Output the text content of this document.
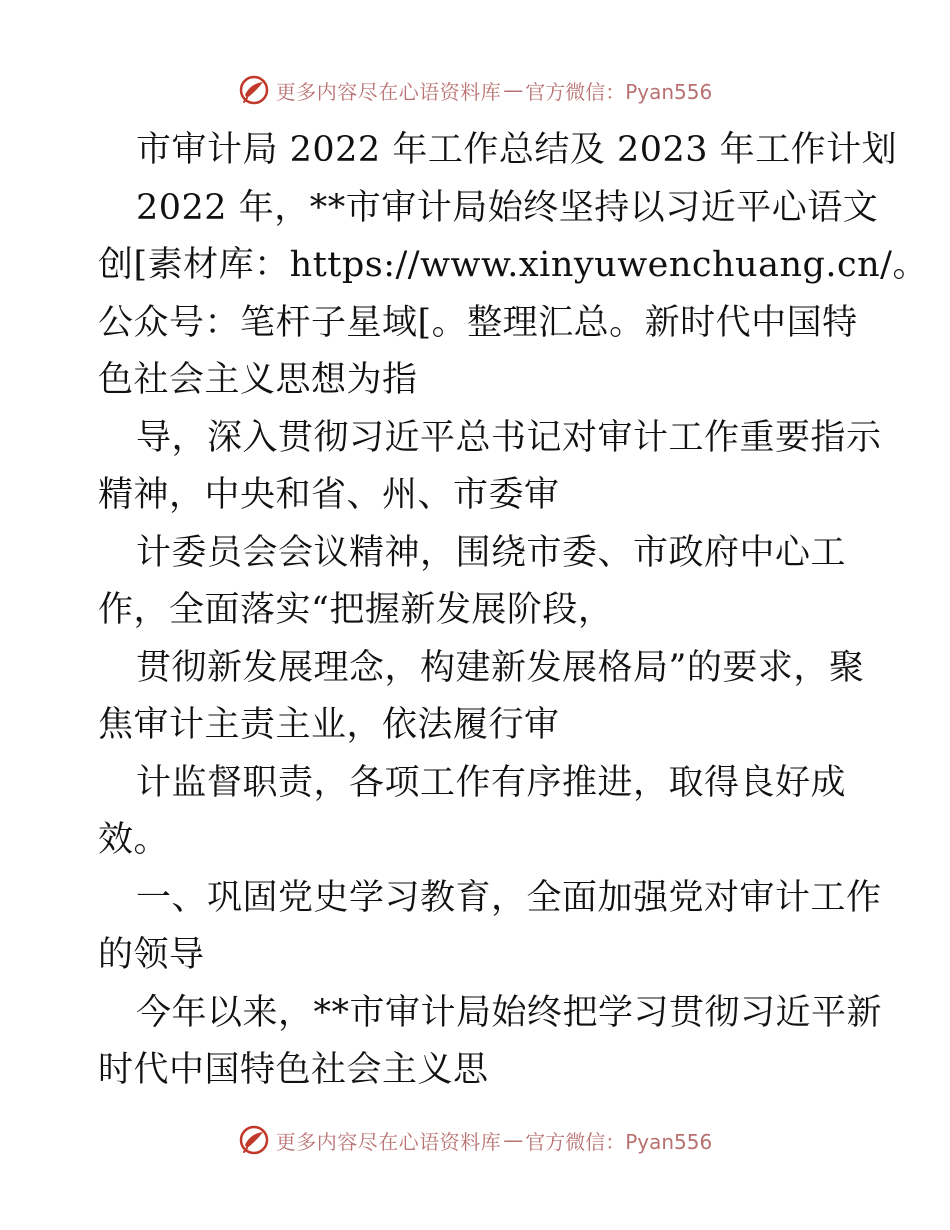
更多内容尽在心语资料库 — 官方微信：Pyan556
市审计局 2022 年工作总结及 2023 年工作计划
2022 年，**市审计局始终坚持以习近平心语文
创[素材库：https://www.xinyuwenchuang.cn/。
公众号：笔杆子星域[。整理汇总。新时代中国特
色社会主义思想为指
导，深入贯彻习近平总书记对审计工作重要指示
精神，中央和省、州、市委审
计委员会会议精神，围绕市委、市政府中心工
作，全面落实“把握新发展阶段，
贯彻新发展理念，构建新发展格局”的要求，聚
焦审计主责主业，依法履行审
计监督职责，各项工作有序推进，取得良好成
效。
一、巩固党史学习教育，全面加强党对审计工作
的领导
今年以来，**市审计局始终把学习贯彻习近平新
时代中国特色社会主义思
更多内容尽在心语资料库 — 官方微信：Pyan556
